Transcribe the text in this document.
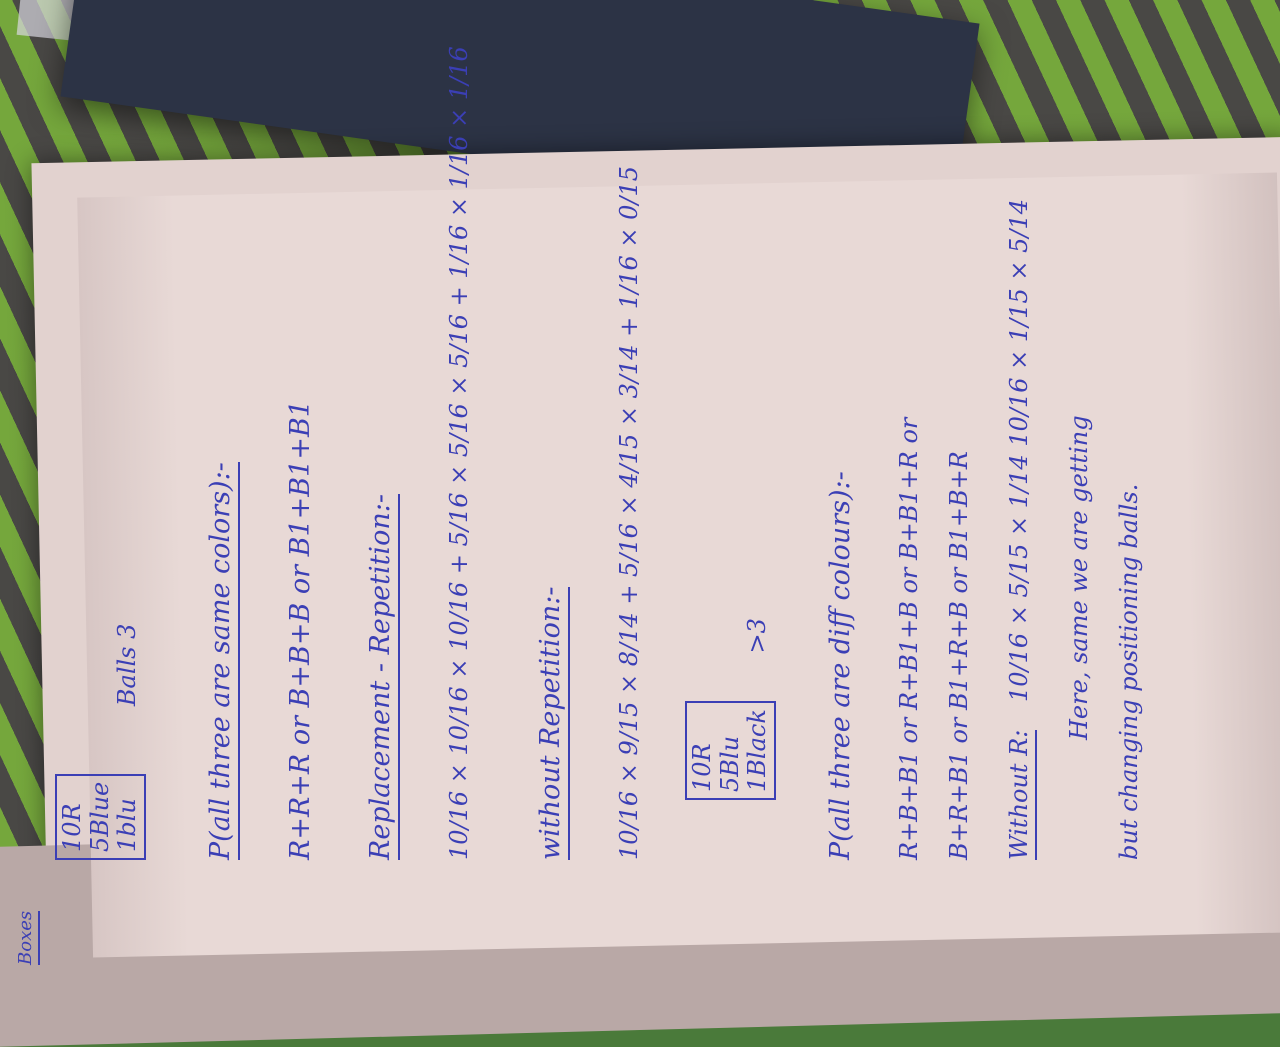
10R
5Blue
1blu Balls 3 P(all three are same colors):- R+R+R or B+B+B or B1+B1+B1 Replacement - Repetition:- 10/16 × 10/16 × 10/16 + 5/16 × 5/16 × 5/16 + 1/16 × 1/16 × 1/16 without Repetition:- 10/16 × 9/15 × 8/14 + 5/16 × 4/15 × 3/14 + 1/16 × 0/15 10R
5Blu
1Black >3 P(all three are diff colours):- R+B+B1 or R+B1+B or B+B1+R or B+R+B1 or B1+R+B or B1+B+R Without R: 10/16 × 5/15 × 1/14 10/16 × 1/15 × 5/14 Here, same we are getting but changing positioning balls.
Boxes
